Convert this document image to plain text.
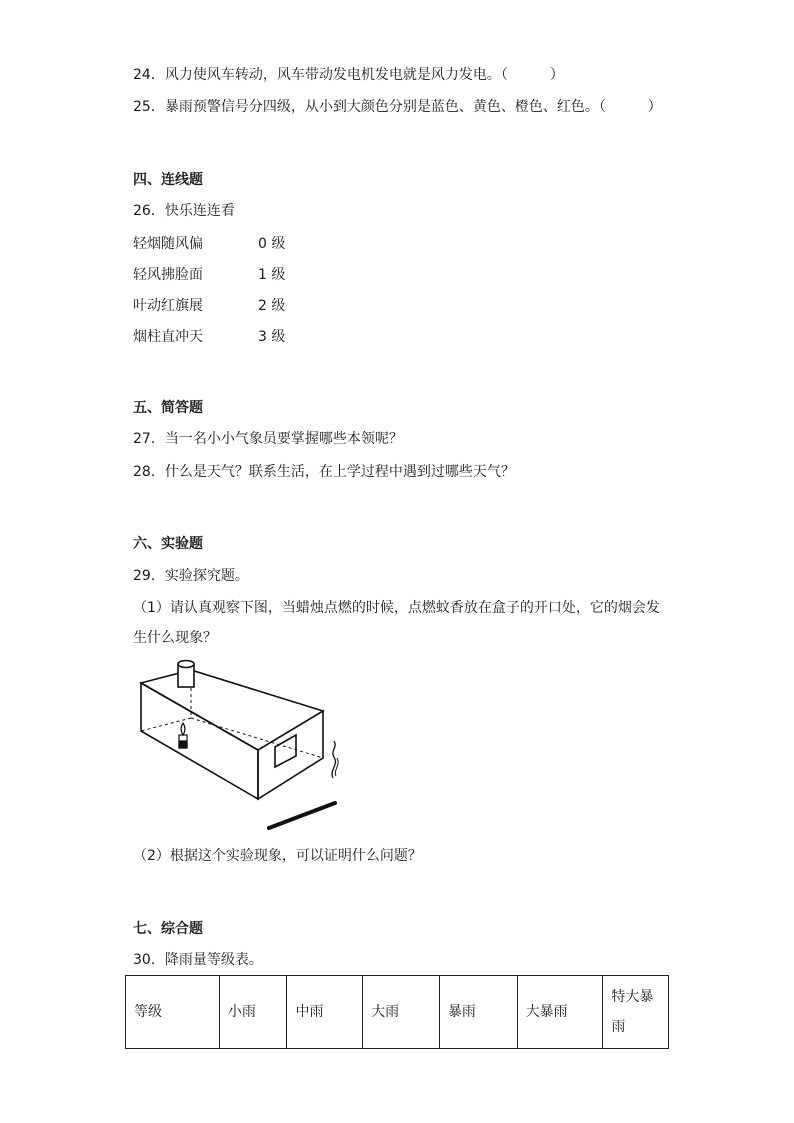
24．风力使风车转动，风车带动发电机发电就是风力发电。（　　　）
25．暴雨预警信号分四级，从小到大颜色分别是蓝色、黄色、橙色、红色。（　　　）
四、连线题
26．快乐连连看
轻烟随风偏	0 级
轻风拂脸面	1 级
叶动红旗展	2 级
烟柱直冲天	3 级
五、简答题
27．当一名小小气象员要掌握哪些本领呢？
28．什么是天气？联系生活，在上学过程中遇到过哪些天气？
六、实验题
29．实验探究题。
（1）请认真观察下图，当蜡烛点燃的时候，点燃蚊香放在盒子的开口处，它的烟会发
生什么现象？
（2）根据这个实验现象，可以证明什么问题？
七、综合题
30．降雨量等级表。
等级	小雨	中雨	大雨	暴雨	大暴雨	特大暴雨
